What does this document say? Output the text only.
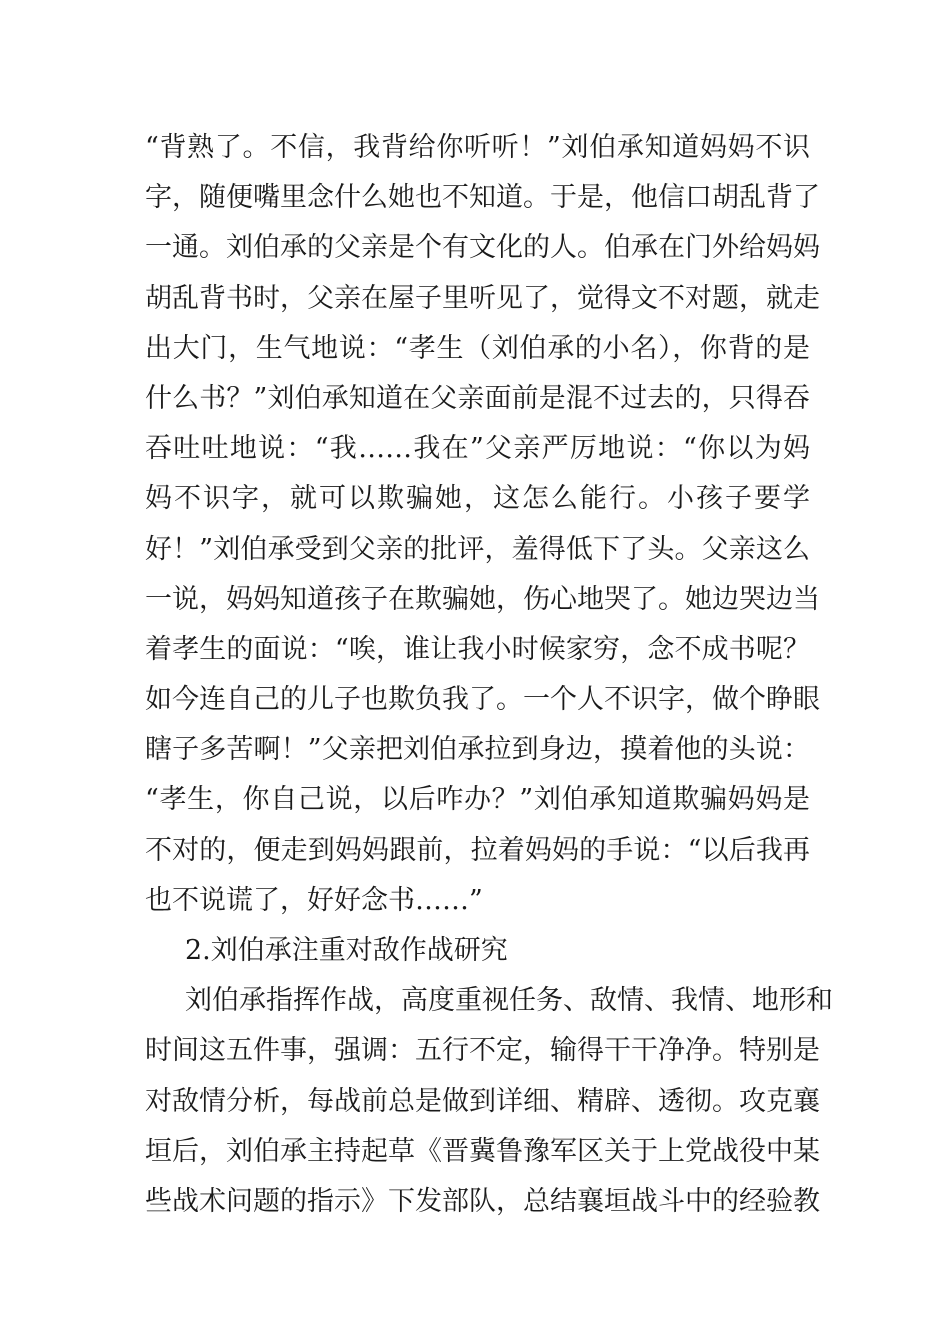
“背熟了。不信，我背给你听听！”刘伯承知道妈妈不识
字，随便嘴里念什么她也不知道。于是，他信口胡乱背了
一通。刘伯承的父亲是个有文化的人。伯承在门外给妈妈
胡乱背书时，父亲在屋子里听见了，觉得文不对题，就走
出大门，生气地说：“孝生（刘伯承的小名），你背的是
什么书？”刘伯承知道在父亲面前是混不过去的，只得吞
吞吐吐地说：“我……我在”父亲严厉地说：“你以为妈
妈不识字，就可以欺骗她，这怎么能行。小孩子要学
好！”刘伯承受到父亲的批评，羞得低下了头。父亲这么
一说，妈妈知道孩子在欺骗她，伤心地哭了。她边哭边当
着孝生的面说：“唉，谁让我小时候家穷，念不成书呢？
如今连自己的儿子也欺负我了。一个人不识字，做个睁眼
瞎子多苦啊！”父亲把刘伯承拉到身边，摸着他的头说：
“孝生，你自己说，以后咋办？”刘伯承知道欺骗妈妈是
不对的，便走到妈妈跟前，拉着妈妈的手说：“以后我再
也不说谎了，好好念书……”
2.刘伯承注重对敌作战研究
刘伯承指挥作战，高度重视任务、敌情、我情、地形和
时间这五件事，强调：五行不定，输得干干净净。特别是
对敌情分析，每战前总是做到详细、精辟、透彻。攻克襄
垣后，刘伯承主持起草《晋冀鲁豫军区关于上党战役中某
些战术问题的指示》下发部队，总结襄垣战斗中的经验教
